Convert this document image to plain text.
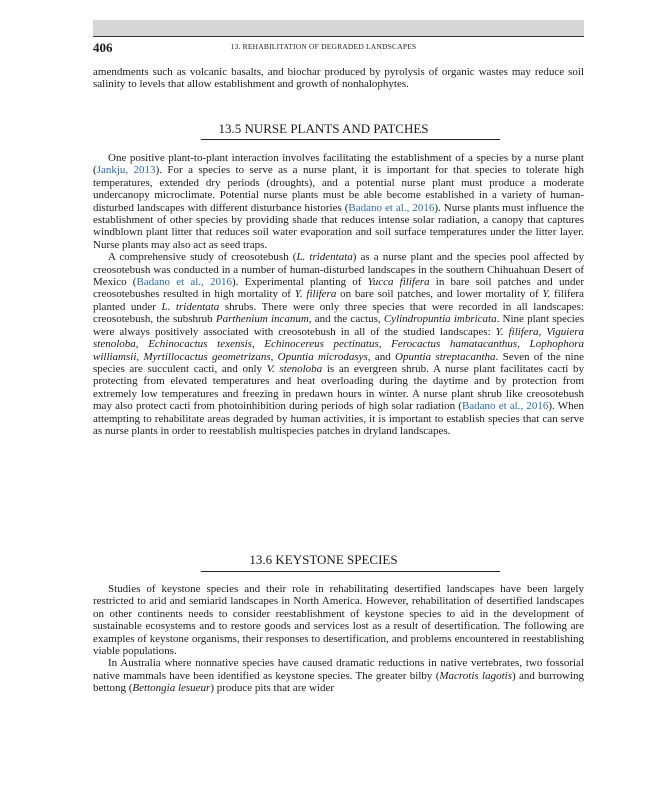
406	13. REHABILITATION OF DEGRADED LANDSCAPES

amendments such as volcanic basalts, and biochar produced by pyrolysis of organic wastes may reduce soil salinity to levels that allow establishment and growth of nonhalophytes.

13.5 NURSE PLANTS AND PATCHES

One positive plant-to-plant interaction involves facilitating the establishment of a species by a nurse plant (Jankju, 2013). For a species to serve as a nurse plant, it is important for that species to tolerate high temperatures, extended dry periods (droughts), and a potential nurse plant must produce a moderate undercanopy microclimate. Potential nurse plants must be able become established in a variety of human-disturbed landscapes with different disturbance histories (Badano et al., 2016). Nurse plants must influence the establishment of other species by providing shade that reduces intense solar radiation, a canopy that captures windblown plant litter that reduces soil water evaporation and soil surface temperatures under the litter layer. Nurse plants may also act as seed traps.

A comprehensive study of creosotebush (L. tridentata) as a nurse plant and the species pool affected by creosotebush was conducted in a number of human-disturbed landscapes in the southern Chihuahuan Desert of Mexico (Badano et al., 2016). Experimental planting of Yucca filifera in bare soil patches and under creosotebushes resulted in high mortality of Y. filifera on bare soil patches, and lower mortality of Y. filifera planted under L. tridentata shrubs. There were only three species that were recorded in all landscapes: creosotebush, the subshrub Parthenium incanum, and the cactus, Cylindropuntia imbricata. Nine plant species were always positively associated with creosotebush in all of the studied landscapes: Y. filifera, Viguiera stenoloba, Echinocactus texensis, Echinocereus pectinatus, Ferocactus hamatacanthus, Lophophora williamsii, Myrtillocactus geometrizans, Opuntia microdasys, and Opuntia streptacantha. Seven of the nine species are succulent cacti, and only V. stenoloba is an evergreen shrub. A nurse plant facilitates cacti by protecting from elevated temperatures and heat overloading during the daytime and by protection from extremely low temperatures and freezing in predawn hours in winter. A nurse plant shrub like creosotebush may also protect cacti from photoinhibition during periods of high solar radiation (Badano et al., 2016). When attempting to rehabilitate areas degraded by human activities, it is important to establish species that can serve as nurse plants in order to reestablish multispecies patches in dryland landscapes.

13.6 KEYSTONE SPECIES

Studies of keystone species and their role in rehabilitating desertified landscapes have been largely restricted to arid and semiarid landscapes in North America. However, rehabilitation of desertified landscapes on other continents needs to consider reestablishment of keystone species to aid in the development of sustainable ecosystems and to restore goods and services lost as a result of desertification. The following are examples of keystone organisms, their responses to desertification, and problems encountered in reestablishing viable populations.

In Australia where nonnative species have caused dramatic reductions in native vertebrates, two fossorial native mammals have been identified as keystone species. The greater bilby (Macrotis lagotis) and burrowing bettong (Bettongia lesueur) produce pits that are wider
